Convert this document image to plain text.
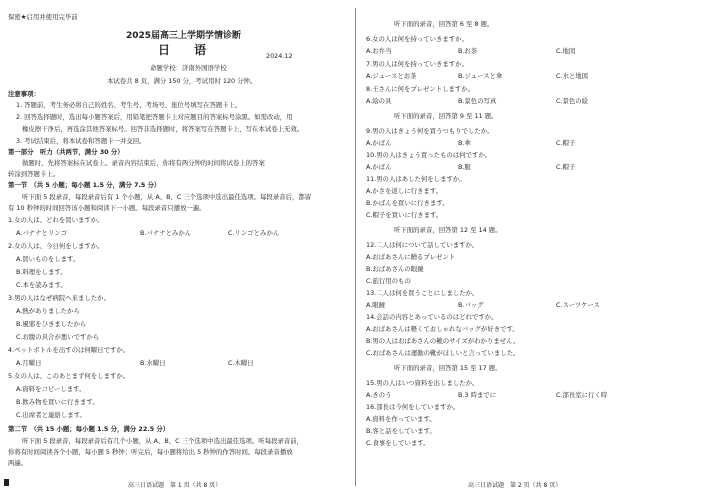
保密★启用并使用完毕前
2025届高三上学期学情诊断
日 语	2024.12
命题学校：济南外国语学校
本试卷共 8 页，满分 150 分，考试用时 120 分钟。
注意事项：
1. 答题前，考生务必将自己的姓名、考生号、考场号、座位号填写在答题卡上。
2. 回答选择题时，选出每小题答案后，用铅笔把答题卡上对应题目的答案标号涂黑。如需改动，用
橡皮擦干净后，再选涂其他答案标号。回答非选择题时，将答案写在答题卡上，写在本试卷上无效。
3. 考试结束后，将本试卷和答题卡一并交回。
第一部分　听力（共两节，满分 30 分）
做题时，先将答案标在试卷上。录音内容结束后，你将有两分钟的时间将试卷上的答案
转涂到答题卡上。
第一节　（共 5 小题；每小题 1.5 分，满分 7.5 分）
听下面 5 段录音，每段录音后有 1 个小题，从 A、B、C 三个选项中选出最佳选项。每段录音后，都留
有 10 秒钟的时间回答该小题和阅读下一小题。每段录音只播放一遍。
1.女の人は、どれを買いますか。
A.バナナとリンゴ	B.バナナとみかん	C.リンゴとみかん
2.女の人は、今日何をしますか。
A.買いものをします。
B.料理をします。
C.本を読みます。
3.男の人はなぜ病院へ来ましたか。
A.熱がありましたから
B.風邪をひきましたから
C.お腹の具合が悪いですから
4.ペットボトルを出すのは何曜日ですか。
A.月曜日	B.水曜日	C.木曜日
5.女の人は、このあとまず何をしますか。
A.資料をコピーします。
B.飲み物を買いに行きます。
C.出席者と連絡します。
第二节　（共 15 小题；每小题 1.5 分，满分 22.5 分）
听下面 5 段录音，每段录音后有几个小题，从 A、B、C 三个选项中选出最佳选项。听每段录音前，
你将有时间阅读各个小题，每小题 5 秒钟；听完后，每小题将给出 5 秒钟的作答时间。每段录音播放
两遍。
高三日语试题　第 1 页（共 8 页）
听下面的录音，回答第 6 至 8 题。
6.女の人は何を持っていきますか。
A.お弁当	B.お茶	C.地図
7.男の人は何を持っていきますか。
A.ジュースとお茶	B.ジュースと傘	C.水と地図
8.王さんに何をプレゼントしますか。
A.絵の具	B.景色の写真	C.景色の絵
听下面的录音，回答第 9 至 11 题。
9.男の人はきょう何を買うつもりでしたか。
A.かばん	B.傘	C.帽子
10.男の人はきょう買ったものは何ですか。
A.かばん	B.服	C.帽子
11.男の人はあした何をしますか。
A.かさを返しに行きます。
B.かばんを買いに行きます。
C.帽子を買いに行きます。
听下面的录音，回答第 12 至 14 题。
12.二人は何について話していますか。
A.おばあさんに贈るプレゼント
B.おばあさんの眼鏡
C.旅行用のもの
13.二人は何を買うことにしましたか。
A.眼鏡	B.バッグ	C.スーツケース
14.会話の内容とあっているのはどれですか。
A.おばあさんは軽くておしゃれなバッグが好きです。
B.男の人はおばあさんの靴のサイズがわかりません。
C.おばあさんは運動の靴がほしいと言っていました。
听下面的录音，回答第 15 至 17 题。
15.男の人はいつ資料を出しましたか。
A.きのう	B.3 時までに	C.部長室に行く時
16.部長は今何をしていますか。
A.資料を作っています。
B.客と話をしています。
C.食事をしています。
高三日语试题　第 2 页（共 8 页）
